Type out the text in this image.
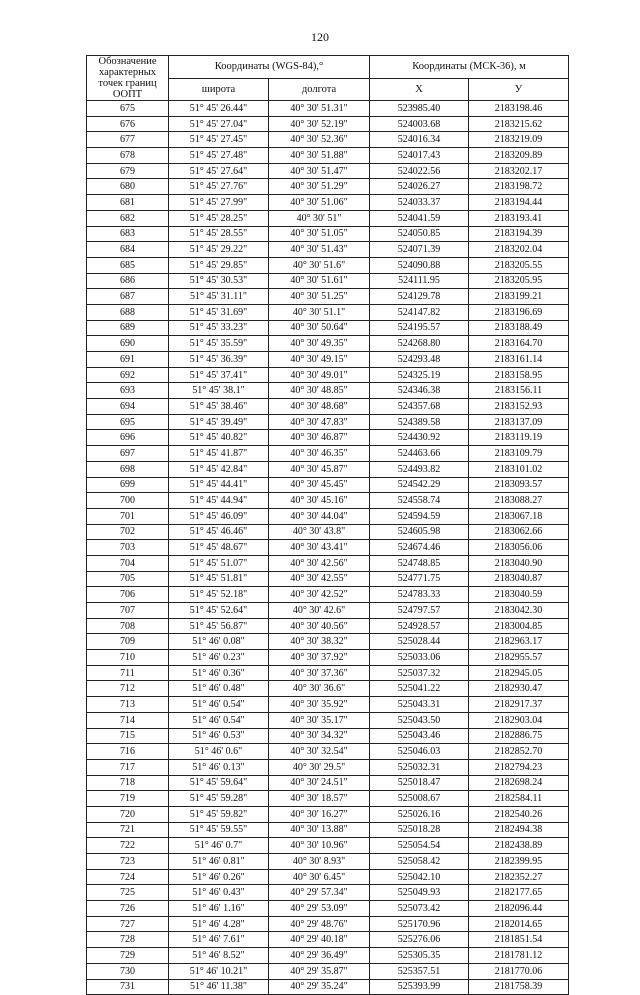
120
Обозначение характерных точек границ ООПТ	Координаты (WGS-84),°		Координаты (МСК-36), м	
	широта	долгота	X	У
675	51° 45' 26.44"	40° 30' 51.31"	523985.40	2183198.46
676	51° 45' 27.04"	40° 30' 52.19"	524003.68	2183215.62
677	51° 45' 27.45"	40° 30' 52.36"	524016.34	2183219.09
678	51° 45' 27.48"	40° 30' 51.88"	524017.43	2183209.89
679	51° 45' 27.64"	40° 30' 51.47"	524022.56	2183202.17
680	51° 45' 27.76"	40° 30' 51.29"	524026.27	2183198.72
681	51° 45' 27.99"	40° 30' 51.06"	524033.37	2183194.44
682	51° 45' 28.25"	40° 30' 51"	524041.59	2183193.41
683	51° 45' 28.55"	40° 30' 51.05"	524050.85	2183194.39
684	51° 45' 29.22"	40° 30' 51.43"	524071.39	2183202.04
685	51° 45' 29.85"	40° 30' 51.6"	524090.88	2183205.55
686	51° 45' 30.53"	40° 30' 51.61"	524111.95	2183205.95
687	51° 45' 31.11"	40° 30' 51.25"	524129.78	2183199.21
688	51° 45' 31.69"	40° 30' 51.1"	524147.82	2183196.69
689	51° 45' 33.23"	40° 30' 50.64"	524195.57	2183188.49
690	51° 45' 35.59"	40° 30' 49.35"	524268.80	2183164.70
691	51° 45' 36.39"	40° 30' 49.15"	524293.48	2183161.14
692	51° 45' 37.41"	40° 30' 49.01"	524325.19	2183158.95
693	51° 45' 38.1"	40° 30' 48.85"	524346.38	2183156.11
694	51° 45' 38.46"	40° 30' 48.68"	524357.68	2183152.93
695	51° 45' 39.49"	40° 30' 47.83"	524389.58	2183137.09
696	51° 45' 40.82"	40° 30' 46.87"	524430.92	2183119.19
697	51° 45' 41.87"	40° 30' 46.35"	524463.66	2183109.79
698	51° 45' 42.84"	40° 30' 45.87"	524493.82	2183101.02
699	51° 45' 44.41"	40° 30' 45.45"	524542.29	2183093.57
700	51° 45' 44.94"	40° 30' 45.16"	524558.74	2183088.27
701	51° 45' 46.09"	40° 30' 44.04"	524594.59	2183067.18
702	51° 45' 46.46"	40° 30' 43.8"	524605.98	2183062.66
703	51° 45' 48.67"	40° 30' 43.41"	524674.46	2183056.06
704	51° 45' 51.07"	40° 30' 42.56"	524748.85	2183040.90
705	51° 45' 51.81"	40° 30' 42.55"	524771.75	2183040.87
706	51° 45' 52.18"	40° 30' 42.52"	524783.33	2183040.59
707	51° 45' 52.64"	40° 30' 42.6"	524797.57	2183042.30
708	51° 45' 56.87"	40° 30' 40.56"	524928.57	2183004.85
709	51° 46' 0.08"	40° 30' 38.32"	525028.44	2182963.17
710	51° 46' 0.23"	40° 30' 37.92"	525033.06	2182955.57
711	51° 46' 0.36"	40° 30' 37.36"	525037.32	2182945.05
712	51° 46' 0.48"	40° 30' 36.6"	525041.22	2182930.47
713	51° 46' 0.54"	40° 30' 35.92"	525043.31	2182917.37
714	51° 46' 0.54"	40° 30' 35.17"	525043.50	2182903.04
715	51° 46' 0.53"	40° 30' 34.32"	525043.46	2182886.75
716	51° 46' 0.6"	40° 30' 32.54"	525046.03	2182852.70
717	51° 46' 0.13"	40° 30' 29.5"	525032.31	2182794.23
718	51° 45' 59.64"	40° 30' 24.51"	525018.47	2182698.24
719	51° 45' 59.28"	40° 30' 18.57"	525008.67	2182584.11
720	51° 45' 59.82"	40° 30' 16.27"	525026.16	2182540.26
721	51° 45' 59.55"	40° 30' 13.88"	525018.28	2182494.38
722	51° 46' 0.7"	40° 30' 10.96"	525054.54	2182438.89
723	51° 46' 0.81"	40° 30' 8.93"	525058.42	2182399.95
724	51° 46' 0.26"	40° 30' 6.45"	525042.10	2182352.27
725	51° 46' 0.43"	40° 29' 57.34"	525049.93	2182177.65
726	51° 46' 1.16"	40° 29' 53.09"	525073.42	2182096.44
727	51° 46' 4.28"	40° 29' 48.76"	525170.96	2182014.65
728	51° 46' 7.61"	40° 29' 40.18"	525276.06	2181851.54
729	51° 46' 8.52"	40° 29' 36.49"	525305.35	2181781.12
730	51° 46' 10.21"	40° 29' 35.87"	525357.51	2181770.06
731	51° 46' 11.38"	40° 29' 35.24"	525393.99	2181758.39
